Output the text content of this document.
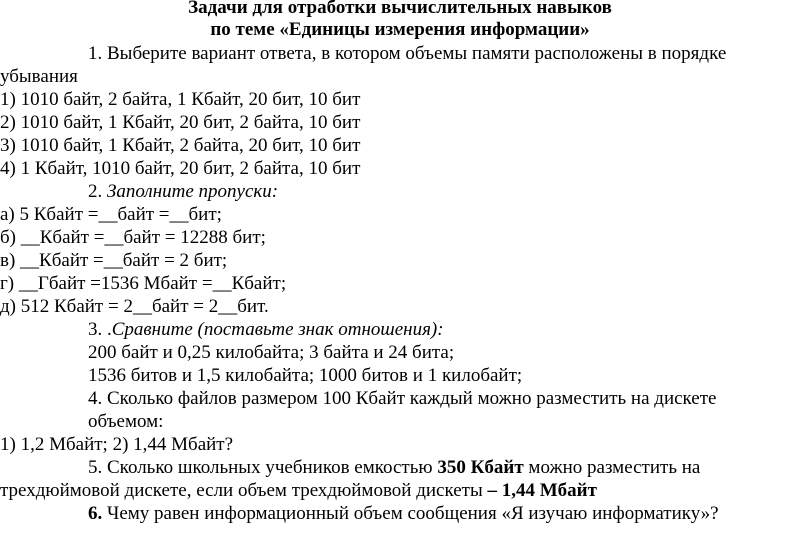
Задачи для отработки вычислительных навыков
по теме «Единицы измерения информации»
1. Выберите вариант ответа, в котором объемы памяти расположены в порядке
убывания
1) 1010 байт, 2 байта, 1 Кбайт, 20 бит, 10 бит
2) 1010 байт, 1 Кбайт, 20 бит, 2 байта, 10 бит
3) 1010 байт, 1 Кбайт, 2 байта, 20 бит, 10 бит
4) 1 Кбайт, 1010 байт, 20 бит, 2 байта, 10 бит
2. Заполните пропуски:
а) 5 Кбайт =__байт =__бит;
б) __Кбайт =__байт = 12288 бит;
в) __Кбайт =__байт = 2 бит;
г) __Гбайт =1536 Мбайт =__Кбайт;
д) 512 Кбайт = 2__байт = 2__бит.
3. .Сравните (поставьте знак отношения):
200 байт и 0,25 килобайта; 3 байта и 24 бита;
1536 битов и 1,5 килобайта; 1000 битов и 1 килобайт;
4. Сколько файлов размером 100 Кбайт каждый можно разместить на дискете
объемом:
1) 1,2 Мбайт; 2) 1,44 Мбайт?
5. Сколько школьных учебников емкостью 350 Кбайт можно разместить на
трехдюймовой дискете, если объем трехдюймовой дискеты – 1,44 Мбайт
6. Чему равен информационный объем сообщения «Я изучаю информатику»?
